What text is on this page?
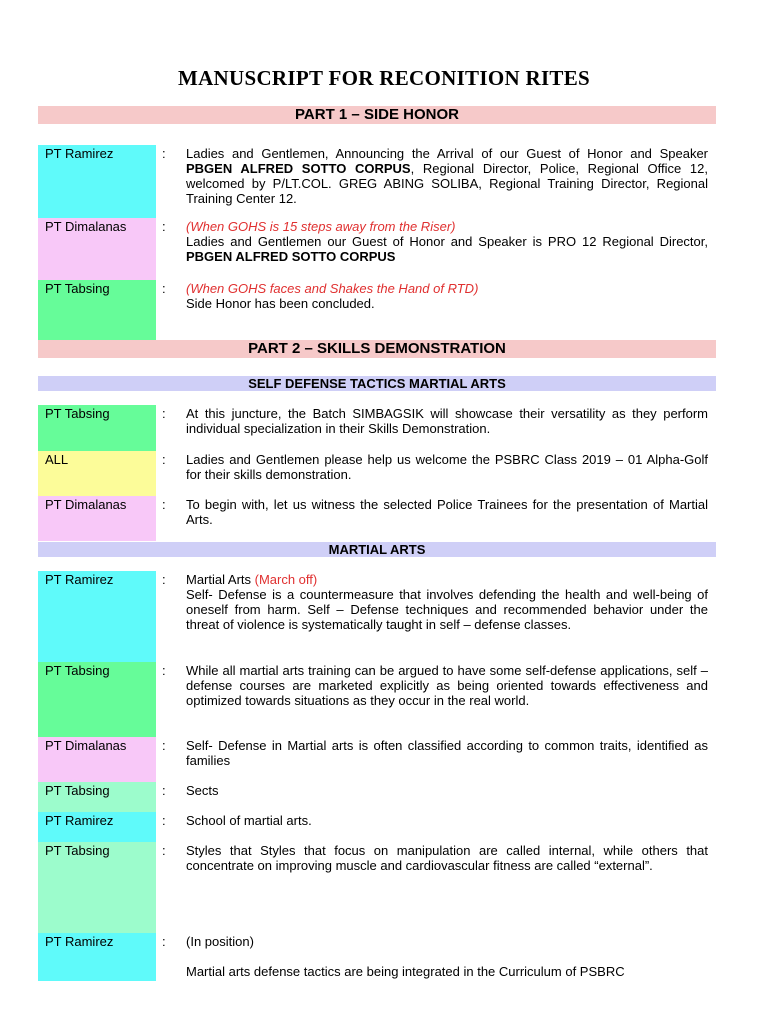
MANUSCRIPT FOR RECONITION RITES
PART 1 – SIDE HONOR
PT Ramirez	: Ladies and Gentlemen, Announcing the Arrival of our Guest of Honor and Speaker PBGEN ALFRED SOTTO CORPUS, Regional Director, Police, Regional Office 12, welcomed by P/LT.COL. GREG ABING SOLIBA, Regional Training Director, Regional Training Center 12.
PT Dimalanas	: (When GOHS is 15 steps away from the Riser)
Ladies and Gentlemen our Guest of Honor and Speaker is PRO 12 Regional Director, PBGEN ALFRED SOTTO CORPUS
PT Tabsing	: (When GOHS faces and Shakes the Hand of RTD)
Side Honor has been concluded.
PART 2 – SKILLS DEMONSTRATION
SELF DEFENSE TACTICS MARTIAL ARTS
PT Tabsing	: At this juncture, the Batch SIMBAGSIK will showcase their versatility as they perform individual specialization in their Skills Demonstration.
ALL	: Ladies and Gentlemen please help us welcome the PSBRC Class 2019 – 01 Alpha-Golf for their skills demonstration.
PT Dimalanas	: To begin with, let us witness the selected Police Trainees for the presentation of Martial Arts.
MARTIAL ARTS
PT Ramirez	: Martial Arts (March off)
Self- Defense is a countermeasure that involves defending the health and well-being of oneself from harm. Self – Defense techniques and recommended behavior under the threat of violence is systematically taught in self – defense classes.
PT Tabsing	: While all martial arts training can be argued to have some self-defense applications, self – defense courses are marketed explicitly as being oriented towards effectiveness and optimized towards situations as they occur in the real world.
PT Dimalanas	: Self- Defense in Martial arts is often classified according to common traits, identified as families
PT Tabsing	: Sects
PT Ramirez	: School of martial arts.
PT Tabsing	: Styles that Styles that focus on manipulation are called internal, while others that concentrate on improving muscle and cardiovascular fitness are called “external”.
PT Ramirez	: (In position)

Martial arts defense tactics are being integrated in the Curriculum of PSBRC
